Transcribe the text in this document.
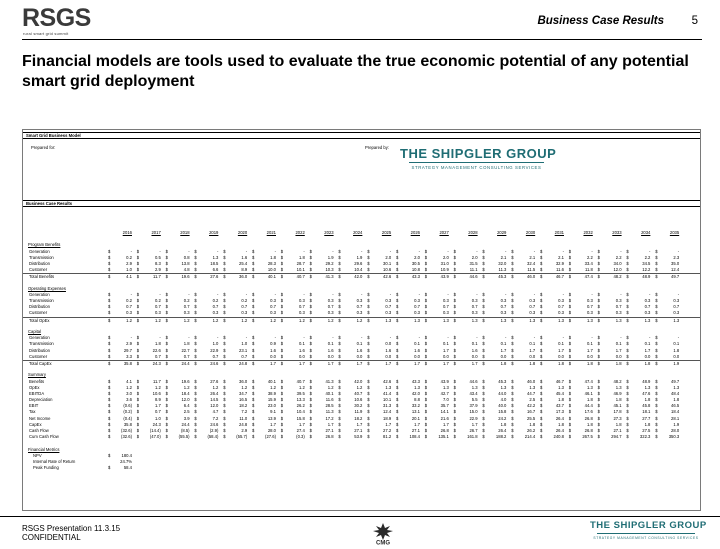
RSGS
rural smart grid summit
Business Case Results 5
Financial models are tools used to evaluate the true economic potential of any potential smart grid deployment
Smart Grid Business Model
Prepared for:	Prepared by: THE SHIPGLER GROUP
STRATEGY MANAGEMENT CONSULTING SERVICES
Business Case Results
2016	2017	2018	2019	2020	2021	2022	2023	2024	2025	2026	2027	2028	2029	2030	2031	2032	2033	2034	2035
Program Benefits
Generation	$	- $	- $	- $	- $	- $	- $	- $	- $	- $	- $	- $	- $	- $	- $	- $	- $	- $	- $	- $	-
Transmission	$	0.2 $	0.5 $	0.8 $	1.3 $	1.6 $	1.8 $	1.8 $	1.9 $	1.9 $	2.0 $	2.0 $	2.0 $	2.0 $	2.1 $	2.1 $	2.1 $	2.2 $	2.2 $	2.2 $	2.3
Distribution	$	2.9 $	8.3 $	13.8 $	18.5 $	25.4 $	28.3 $	28.7 $	29.2 $	29.6 $	30.1 $	30.5 $	31.0 $	31.5 $	32.0 $	32.4 $	32.9 $	33.4 $	34.0 $	34.5 $	35.0
Customer	$	1.0 $	2.9 $	4.8 $	6.6 $	8.9 $	10.0 $	10.1 $	10.3 $	10.4 $	10.6 $	10.8 $	10.9 $	11.1 $	11.3 $	11.5 $	11.6 $	11.8 $	12.0 $	12.2 $	12.4
Total Benefits	$	4.1 $	11.7 $	19.6 $	27.6 $	36.0 $	40.1 $	40.7 $	41.3 $	42.0 $	42.6 $	43.3 $	43.9 $	44.6 $	45.3 $	46.0 $	46.7 $	47.4 $	48.2 $	48.9 $	49.7
Operating Expenses
Generation	$	- $	- $	- $	- $	- $	- $	- $	- $	- $	- $	- $	- $	- $	- $	- $	- $	- $	- $	- $	-
Transmission	$	0.2 $	0.2 $	0.2 $	0.2 $	0.2 $	0.3 $	0.3 $	0.3 $	0.3 $	0.3 $	0.3 $	0.3 $	0.3 $	0.3 $	0.3 $	0.3 $	0.3 $	0.3 $	0.3 $	0.3
Distribution	$	0.7 $	0.7 $	0.7 $	0.7 $	0.7 $	0.7 $	0.7 $	0.7 $	0.7 $	0.7 $	0.7 $	0.7 $	0.7 $	0.7 $	0.7 $	0.7 $	0.7 $	0.7 $	0.7 $	0.7
Customer	$	0.3 $	0.3 $	0.3 $	0.3 $	0.3 $	0.3 $	0.3 $	0.3 $	0.3 $	0.3 $	0.3 $	0.3 $	0.3 $	0.3 $	0.3 $	0.3 $	0.3 $	0.3 $	0.3 $	0.3
Total OpEx	$	1.2 $	1.2 $	1.2 $	1.2 $	1.2 $	1.2 $	1.2 $	1.2 $	1.2 $	1.3 $	1.3 $	1.3 $	1.3 $	1.3 $	1.3 $	1.3 $	1.3 $	1.3 $	1.3 $	1.3
Capital
Generation	$	- $	- $	- $	- $	- $	- $	- $	- $	- $	- $	- $	- $	- $	- $	- $	- $	- $	- $	- $	-
Transmission	$	2.9 $	1.8 $	1.8 $	1.0 $	1.0 $	0.9 $	0.1 $	0.1 $	0.1 $	0.0 $	0.1 $	0.1 $	0.1 $	0.1 $	0.1 $	0.1 $	0.1 $	0.1 $	0.1 $	0.1
Distribution	$	29.7 $	22.6 $	22.7 $	22.9 $	23.1 $	1.6 $	1.6 $	1.6 $	1.6 $	1.6 $	1.6 $	1.7 $	1.6 $	1.7 $	1.7 $	1.7 $	1.7 $	1.7 $	1.7 $	1.8
Customer	$	3.3 $	0.7 $	0.7 $	0.7 $	0.7 $	0.0 $	0.0 $	0.0 $	0.0 $	0.0 $	0.0 $	0.0 $	0.0 $	0.0 $	0.0 $	0.0 $	0.0 $	0.0 $	0.0 $	0.0
Total CapEx	$	35.8 $	24.3 $	24.4 $	24.6 $	24.8 $	1.7 $	1.7 $	1.7 $	1.7 $	1.7 $	1.7 $	1.7 $	1.7 $	1.8 $	1.8 $	1.8 $	1.8 $	1.8 $	1.8 $	1.9
Summary
Benefits	$	4.1 $	11.7 $	19.6 $	27.6 $	36.0 $	40.1 $	40.7 $	41.3 $	42.0 $	42.6 $	43.3 $	43.9 $	44.6 $	45.3 $	46.0 $	46.7 $	47.4 $	48.2 $	48.9 $	49.7
OpEx	$	1.2 $	1.2 $	1.2 $	1.2 $	1.2 $	1.2 $	1.2 $	1.2 $	1.2 $	1.3 $	1.3 $	1.3 $	1.3 $	1.3 $	1.3 $	1.3 $	1.3 $	1.3 $	1.3 $	1.3
EBITDA	$	3.0 $	10.6 $	18.4 $	26.4 $	34.7 $	38.9 $	39.5 $	40.1 $	40.7 $	41.4 $	42.0 $	42.7 $	43.4 $	44.0 $	44.7 $	45.4 $	46.1 $	46.9 $	47.6 $	48.4
Depreciation	$	3.6 $	8.9 $	12.0 $	14.5 $	16.5 $	15.9 $	13.3 $	11.6 $	10.6 $	10.1 $	8.8 $	7.0 $	5.5 $	4.0 $	2.5 $	1.8 $	1.8 $	1.8 $	1.8 $	1.8
EBIT	$	(0.6) $	1.7 $	6.4 $	12.0 $	18.2 $	23.0 $	26.2 $	28.5 $	30.2 $	31.3 $	33.2 $	35.7 $	37.9 $	40.0 $	42.2 $	43.7 $	44.4 $	45.1 $	45.8 $	46.5
Tax	$	(0.2) $	0.7 $	2.5 $	4.7 $	7.2 $	9.1 $	10.4 $	11.3 $	11.9 $	12.4 $	13.1 $	14.1 $	15.0 $	15.8 $	16.7 $	17.3 $	17.6 $	17.8 $	18.1 $	18.4
Net Income	$	(0.4) $	1.0 $	3.9 $	7.2 $	11.0 $	13.9 $	15.8 $	17.2 $	18.2 $	18.9 $	20.1 $	21.6 $	22.9 $	24.2 $	25.5 $	26.4 $	26.8 $	27.3 $	27.7 $	28.1
CapEx	$	35.8 $	24.3 $	24.4 $	24.6 $	24.8 $	1.7 $	1.7 $	1.7 $	1.7 $	1.7 $	1.7 $	1.7 $	1.7 $	1.8 $	1.8 $	1.8 $	1.8 $	1.8 $	1.8 $	1.9
Cash Flow	$	(32.6) $	(14.4) $	(8.5) $	(2.9) $	2.9 $	28.0 $	27.4 $	27.1 $	27.1 $	27.2 $	27.1 $	26.8 $	26.7 $	26.4 $	26.2 $	26.4 $	26.8 $	27.1 $	27.5 $	28.0
Cum Cash Flow	$	(32.6) $	(47.0) $	(55.5) $	(58.4) $	(55.7) $	(27.6) $	(0.3) $	26.8 $	53.9 $	81.2 $	108.4 $	135.1 $	161.8 $	188.2 $	214.4 $	240.8 $	267.5 $	294.7 $	322.3 $	350.3
Financial Metrics
NPV	$	180.4
Internal Rate of Return	24.7%
Peak Funding	$	58.4
RSGS Presentation 11.3.15
CONFIDENTIAL
CMG
THE SHIPGLER GROUP
STRATEGY MANAGEMENT CONSULTING SERVICES
